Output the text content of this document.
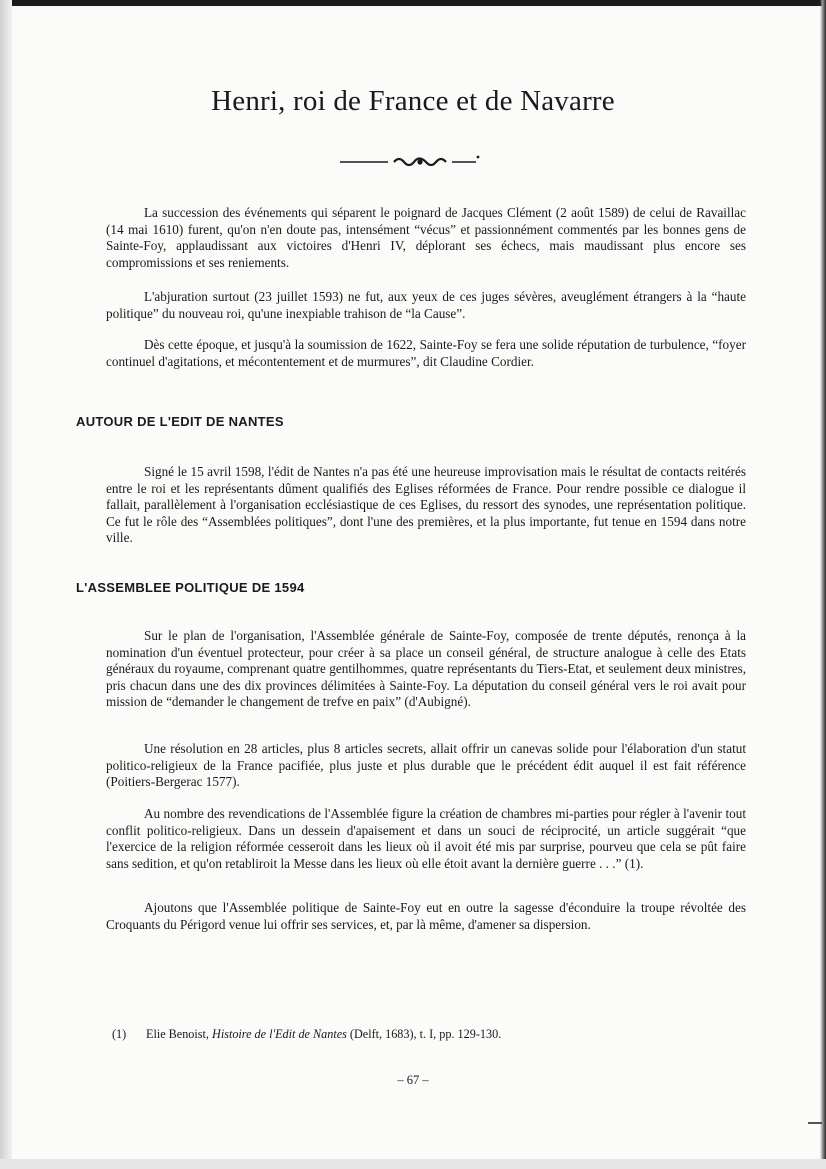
Henri, roi de France et de Navarre

La succession des événements qui séparent le poignard de Jacques Clément (2 août 1589) de celui de Ravaillac (14 mai 1610) furent, qu'on n'en doute pas, intensément “vécus” et passionnément commentés par les bonnes gens de Sainte-Foy, applaudissant aux victoires d'Henri IV, déplorant ses échecs, mais maudissant plus encore ses compromissions et ses reniements.

L'abjuration surtout (23 juillet 1593) ne fut, aux yeux de ces juges sévères, aveuglément étrangers à la “haute politique” du nouveau roi, qu'une inexpiable trahison de “la Cause”.

Dès cette époque, et jusqu'à la soumission de 1622, Sainte-Foy se fera une solide réputation de turbulence, “foyer continuel d'agitations, et mécontentement et de murmures”, dit Claudine Cordier.

AUTOUR DE L'EDIT DE NANTES

Signé le 15 avril 1598, l'édit de Nantes n'a pas été une heureuse improvisation mais le résultat de contacts reitérés entre le roi et les représentants dûment qualifiés des Eglises réformées de France. Pour rendre possible ce dialogue il fallait, parallèlement à l'organisation ecclésiastique de ces Eglises, du ressort des synodes, une représentation politique. Ce fut le rôle des “Assemblées politiques”, dont l'une des premières, et la plus importante, fut tenue en 1594 dans notre ville.

L'ASSEMBLEE POLITIQUE DE 1594

Sur le plan de l'organisation, l'Assemblée générale de Sainte-Foy, composée de trente députés, renonça à la nomination d'un éventuel protecteur, pour créer à sa place un conseil général, de structure analogue à celle des Etats généraux du royaume, comprenant quatre gentilhommes, quatre représentants du Tiers-Etat, et seulement deux ministres, pris chacun dans une des dix provinces délimitées à Sainte-Foy. La députation du conseil général vers le roi avait pour mission de “demander le changement de trefve en paix” (d'Aubigné).

Une résolution en 28 articles, plus 8 articles secrets, allait offrir un canevas solide pour l'élaboration d'un statut politico-religieux de la France pacifiée, plus juste et plus durable que le précédent édit auquel il est fait référence (Poitiers-Bergerac 1577).

Au nombre des revendications de l'Assemblée figure la création de chambres mi-parties pour régler à l'avenir tout conflit politico-religieux. Dans un dessein d'apaisement et dans un souci de réciprocité, un article suggérait “que l'exercice de la religion réformée cesseroit dans les lieux où il avoit été mis par surprise, pourveu que cela se pût faire sans sedition, et qu'on retabliroit la Messe dans les lieux où elle étoit avant la dernière guerre . . .” (1).

Ajoutons que l'Assemblée politique de Sainte-Foy eut en outre la sagesse d'éconduire la troupe révoltée des Croquants du Périgord venue lui offrir ses services, et, par là même, d'amener sa dispersion.

(1) Elie Benoist, Histoire de l'Edit de Nantes (Delft, 1683), t. I, pp. 129-130.

– 67 –
